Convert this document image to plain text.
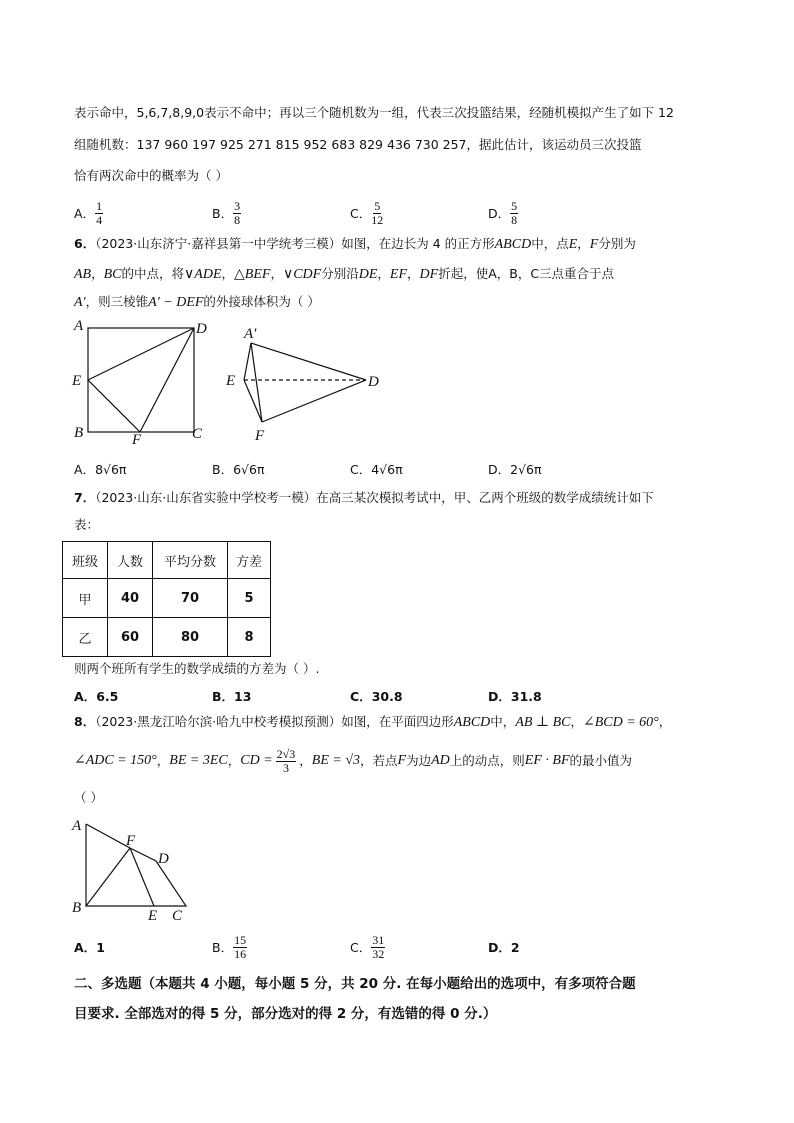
表示命中，5,6,7,8,9,0表示不命中；再以三个随机数为一组，代表三次投篮结果，经随机模拟产生了如下 12
组随机数：137 960 197 925 271 815 952 683 829 436 730 257，据此估计，该运动员三次投篮
恰有两次命中的概率为（ ）
A． $\frac{1}{4}$	B． $\frac{3}{8}$	C． $\frac{5}{12}$	D． $\frac{5}{8}$
6．（2023·山东济宁·嘉祥县第一中学统考三模）如图，在边长为 4 的正方形ABCD中，点E，F分别为
AB，BC的中点，将∨ADE，△BEF，∨CDF分别沿DE，EF，DF折起，使A，B，C三点重合于点
A′，则三棱锥A′ − DEF的外接球体积为（ ）
A	D
E
B	F	C
A′
E	D
F
A． 8√6π	B． 6√6π	C． 4√6π	D． 2√6π
7．（2023·山东·山东省实验中学校考一模）在高三某次模拟考试中，甲、乙两个班级的数学成绩统计如下
表：
班级	人数	平均分数	方差
甲	40	70	5
乙	60	80	8
则两个班所有学生的数学成绩的方差为（ ）.
A． 6.5	B． 13	C． 30.8	D． 31.8
8．（2023·黑龙江哈尔滨·哈九中校考模拟预测）如图，在平面四边形ABCD中，AB ⊥ BC，∠BCD = 60°，
∠ADC = 150° ， BE = 3EC ， CD = $\frac{2√3}{3}$ ， BE = √3 ，若点 F 为边 AD 上的动点，则 EF · BF 的最小值为
（ ）
A
F
D
B	E C
A． 1	B． $\frac{15}{16}$	C． $\frac{31}{32}$	D． 2
二、多选题（本题共 4 小题，每小题 5 分，共 20 分. 在每小题给出的选项中，有多项符合题
目要求. 全部选对的得 5 分，部分选对的得 2 分，有选错的得 0 分.）
